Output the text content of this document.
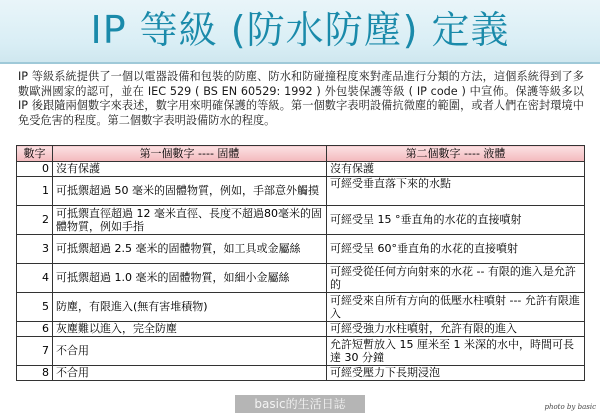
IP 等級 (防水防塵) 定義
IP 等級系統提供了一個以電器設備和包裝的防塵、防水和防碰撞程度來對產品進行分類的方法，這個系統得到了多數歐洲國家的認可，並在 IEC 529 ( BS EN 60529: 1992 ) 外包裝保護等級 ( IP code ) 中宣佈。保護等級多以 IP 後跟隨兩個數字來表述，數字用來明確保護的等級。第一個數字表明設備抗微塵的範圍，或者人們在密封環境中免受危害的程度。第二個數字表明設備防水的程度。
數字	第一個數字 ---- 固體	第二個數字 ---- 液體
0	沒有保護	沒有保護
1	可抵禦超過 50 毫米的固體物質，例如，手部意外觸摸	可經受垂直落下來的水點
2	可抵禦直徑超過 12 毫米直徑、長度不超過80毫米的固體物質，例如手指	可經受呈 15 °垂直角的水花的直接噴射
3	可抵禦超過 2.5 毫米的固體物質，如工具或金屬絲	可經受呈 60°垂直角的水花的直接噴射
4	可抵禦超過 1.0 毫米的固體物質，如細小金屬絲	可經受從任何方向射來的水花 -- 有限的進入是允許的
5	防塵，有限進入(無有害堆積物)	可經受來自所有方向的低壓水柱噴射 --- 允許有限進入
6	灰塵難以進入，完全防塵	可經受強力水柱噴射，允許有限的進入
7	不合用	允許短暫放入 15 厘米至 1 米深的水中，時間可長達 30 分鐘
8	不合用	可經受壓力下長期浸泡
basic的生活日誌	photo by basic
